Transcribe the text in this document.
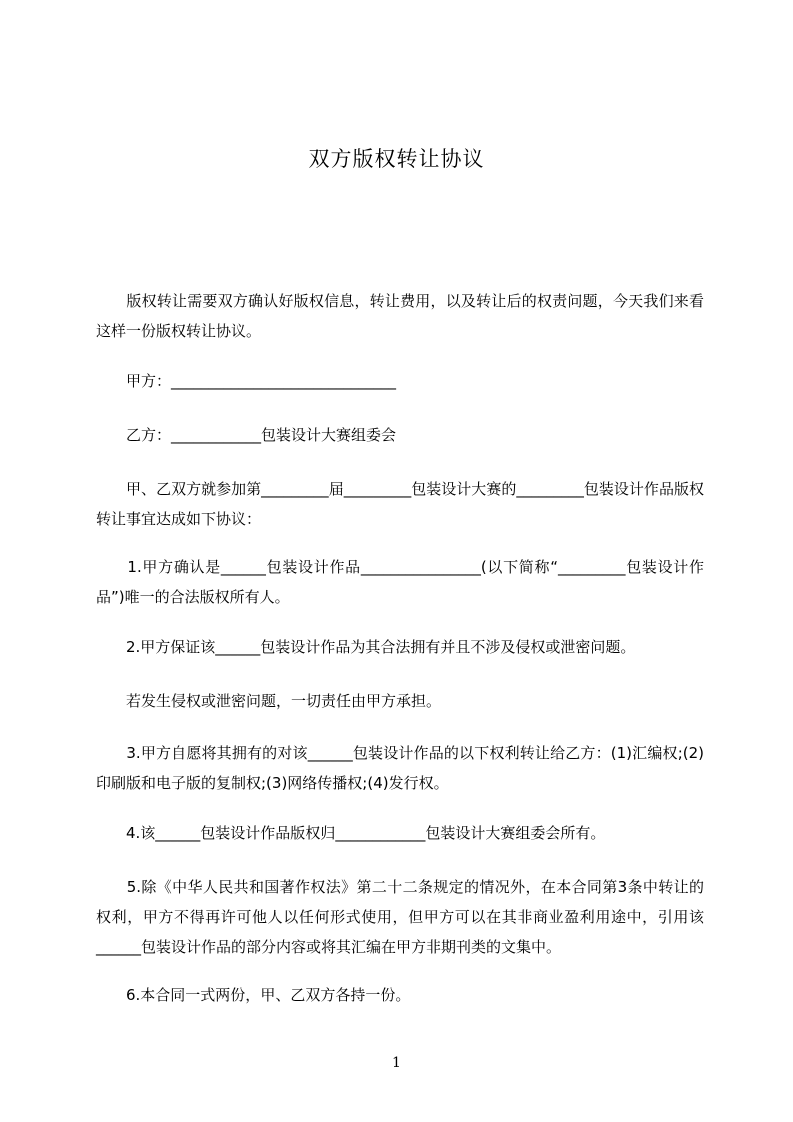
双方版权转让协议

　　版权转让需要双方确认好版权信息，转让费用，以及转让后的权责问题，今天我们来看这样一份版权转让协议。

　　甲方：______________________________

　　乙方：____________包装设计大赛组委会

　　甲、乙双方就参加第_________届_________包装设计大赛的_________包装设计作品版权转让事宜达成如下协议：

　　1.甲方确认是______包装设计作品________________(以下简称“_________包装设计作品”)唯一的合法版权所有人。

　　2.甲方保证该______包装设计作品为其合法拥有并且不涉及侵权或泄密问题。

　　若发生侵权或泄密问题，一切责任由甲方承担。

　　3.甲方自愿将其拥有的对该______包装设计作品的以下权利转让给乙方：(1)汇编权;(2)印刷版和电子版的复制权;(3)网络传播权;(4)发行权。

　　4.该______包装设计作品版权归____________包装设计大赛组委会所有。

　　5.除《中华人民共和国著作权法》第二十二条规定的情况外，在本合同第3条中转让的权利，甲方不得再许可他人以任何形式使用，但甲方可以在其非商业盈利用途中，引用该______包装设计作品的部分内容或将其汇编在甲方非期刊类的文集中。

　　6.本合同一式两份，甲、乙双方各持一份。

1
